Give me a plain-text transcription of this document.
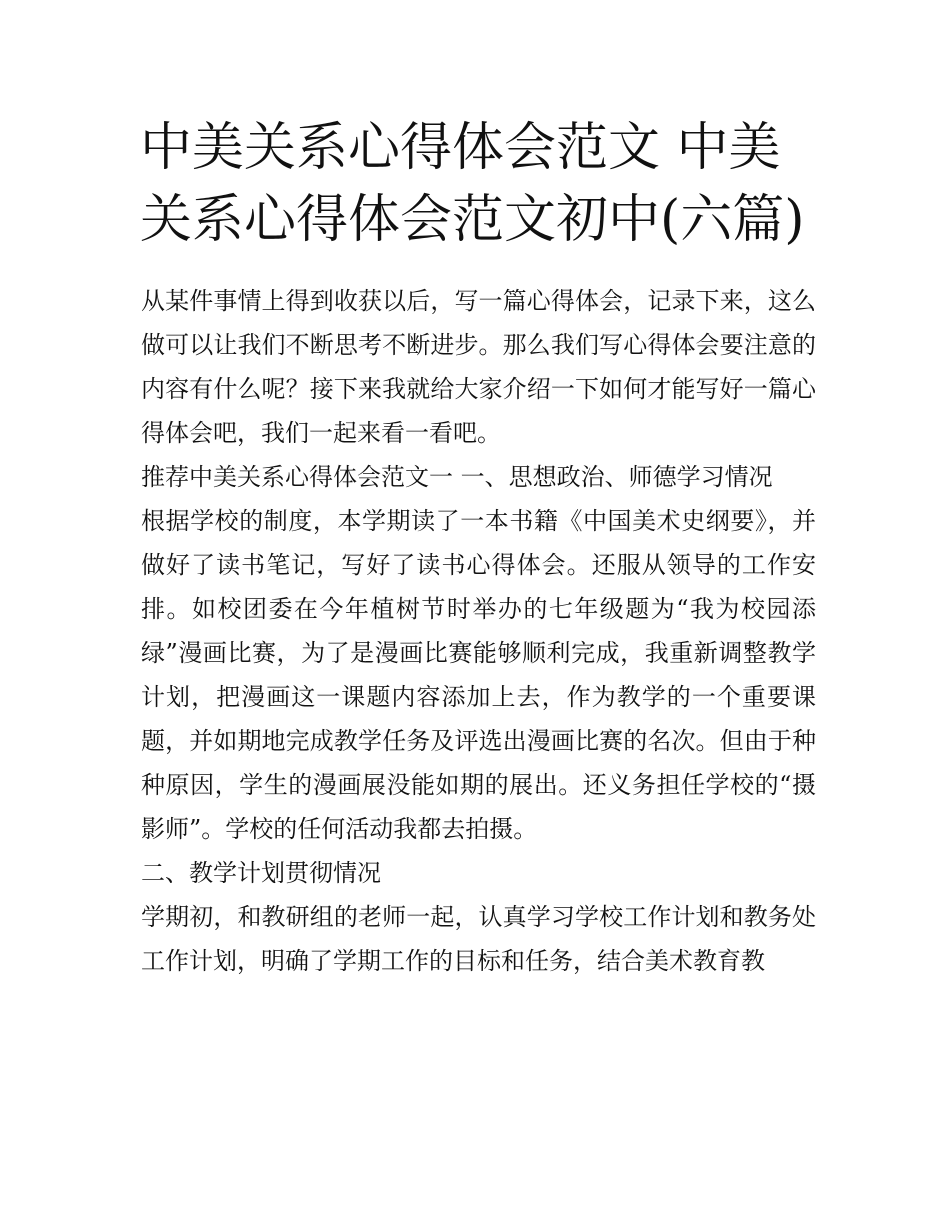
中美关系心得体会范文 中美关系心得体会范文初中(六篇)

从某件事情上得到收获以后，写一篇心得体会，记录下来，这么做可以让我们不断思考不断进步。那么我们写心得体会要注意的内容有什么呢？接下来我就给大家介绍一下如何才能写好一篇心得体会吧，我们一起来看一看吧。

推荐中美关系心得体会范文一 一、思想政治、师德学习情况

根据学校的制度，本学期读了一本书籍《中国美术史纲要》，并做好了读书笔记，写好了读书心得体会。还服从领导的工作安排。如校团委在今年植树节时举办的七年级题为“我为校园添绿”漫画比赛，为了是漫画比赛能够顺利完成，我重新调整教学计划，把漫画这一课题内容添加上去，作为教学的一个重要课题，并如期地完成教学任务及评选出漫画比赛的名次。但由于种种原因，学生的漫画展没能如期的展出。还义务担任学校的“摄影师”。学校的任何活动我都去拍摄。

二、教学计划贯彻情况

学期初，和教研组的老师一起，认真学习学校工作计划和教务处工作计划，明确了学期工作的目标和任务，结合美术教育教
